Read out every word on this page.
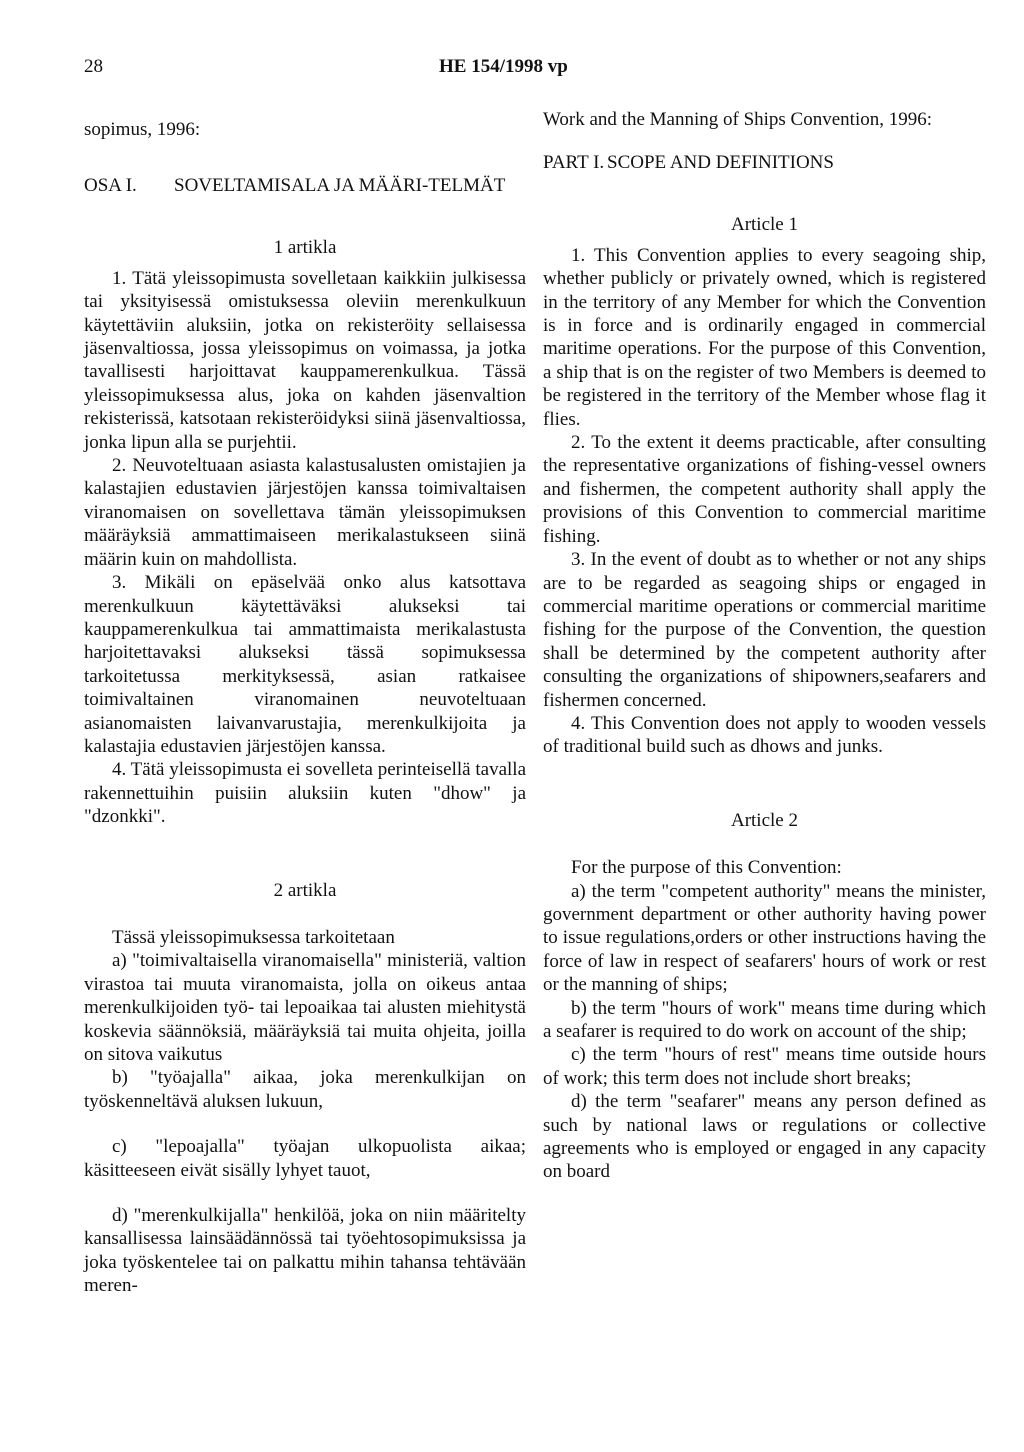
28	HE 154/1998 vp

sopimus, 1996:

OSA I. SOVELTAMISALA JA MÄÄRI-TELMÄT

1 artikla

1. Tätä yleissopimusta sovelletaan kaikkiin julkisessa tai yksityisessä omistuksessa oleviin merenkulkuun käytettäviin aluksiin, jotka on rekisteröity sellaisessa jäsenvaltiossa, jossa yleissopimus on voimassa, ja jotka tavallisesti harjoittavat kauppamerenkulkua. Tässä yleissopimuksessa alus, joka on kahden jäsenvaltion rekisterissä, katsotaan rekisteröidyksi siinä jäsenvaltiossa, jonka lipun alla se purjehtii.

2. Neuvoteltuaan asiasta kalastusalusten omistajien ja kalastajien edustavien järjestöjen kanssa toimivaltaisen viranomaisen on sovellettava tämän yleissopimuksen määräyksiä ammattimaiseen merikalastukseen siinä määrin kuin on mahdollista.

3. Mikäli on epäselvää onko alus katsottava merenkulkuun käytettäväksi alukseksi tai kauppamerenkulkua tai ammattimaista merikalastusta harjoitettavaksi alukseksi tässä sopimuksessa tarkoitetussa merkityksessä, asian ratkaisee toimivaltainen viranomainen neuvoteltuaan asianomaisten laivanvarustajia, merenkulkijoita ja kalastajia edustavien järjestöjen kanssa.

4. Tätä yleissopimusta ei sovelleta perinteisellä tavalla rakennettuihin puisiin aluksiin kuten "dhow" ja "dzonkki".

2 artikla

Tässä yleissopimuksessa tarkoitetaan

a) "toimivaltaisella viranomaisella" ministeriä, valtion virastoa tai muuta viranomaista, jolla on oikeus antaa merenkulkijoiden työ- tai lepoaikaa tai alusten miehitystä koskevia säännöksiä, määräyksiä tai muita ohjeita, joilla on sitova vaikutus

b) "työajalla" aikaa, joka merenkulkijan on työskenneltävä aluksen lukuun,

c) "lepoajalla" työajan ulkopuolista aikaa; käsitteeseen eivät sisälly lyhyet tauot,

d) "merenkulkijalla" henkilöä, joka on niin määritelty kansallisessa lainsäädännössä tai työehtosopimuksissa ja joka työskentelee tai on palkattu mihin tahansa tehtävään meren-

Work and the Manning of Ships Convention, 1996:

PART I. SCOPE AND DEFINITIONS

Article 1

1. This Convention applies to every seagoing ship, whether publicly or privately owned, which is registered in the territory of any Member for which the Convention is in force and is ordinarily engaged in commercial maritime operations. For the purpose of this Convention, a ship that is on the register of two Members is deemed to be registered in the territory of the Member whose flag it flies.

2. To the extent it deems practicable, after consulting the representative organizations of fishing-vessel owners and fishermen, the competent authority shall apply the provisions of this Convention to commercial maritime fishing.

3. In the event of doubt as to whether or not any ships are to be regarded as seagoing ships or engaged in commercial maritime operations or commercial maritime fishing for the purpose of the Convention, the question shall be determined by the competent authority after consulting the organizations of shipowners,seafarers and fishermen concerned.

4. This Convention does not apply to wooden vessels of traditional build such as dhows and junks.

Article 2

For the purpose of this Convention:

a) the term "competent authority" means the minister, government department or other authority having power to issue regulations,orders or other instructions having the force of law in respect of seafarers' hours of work or rest or the manning of ships;

b) the term "hours of work" means time during which a seafarer is required to do work on account of the ship;

c) the term "hours of rest" means time outside hours of work; this term does not include short breaks;

d) the term "seafarer" means any person defined as such by national laws or regulations or collective agreements who is employed or engaged in any capacity on board
